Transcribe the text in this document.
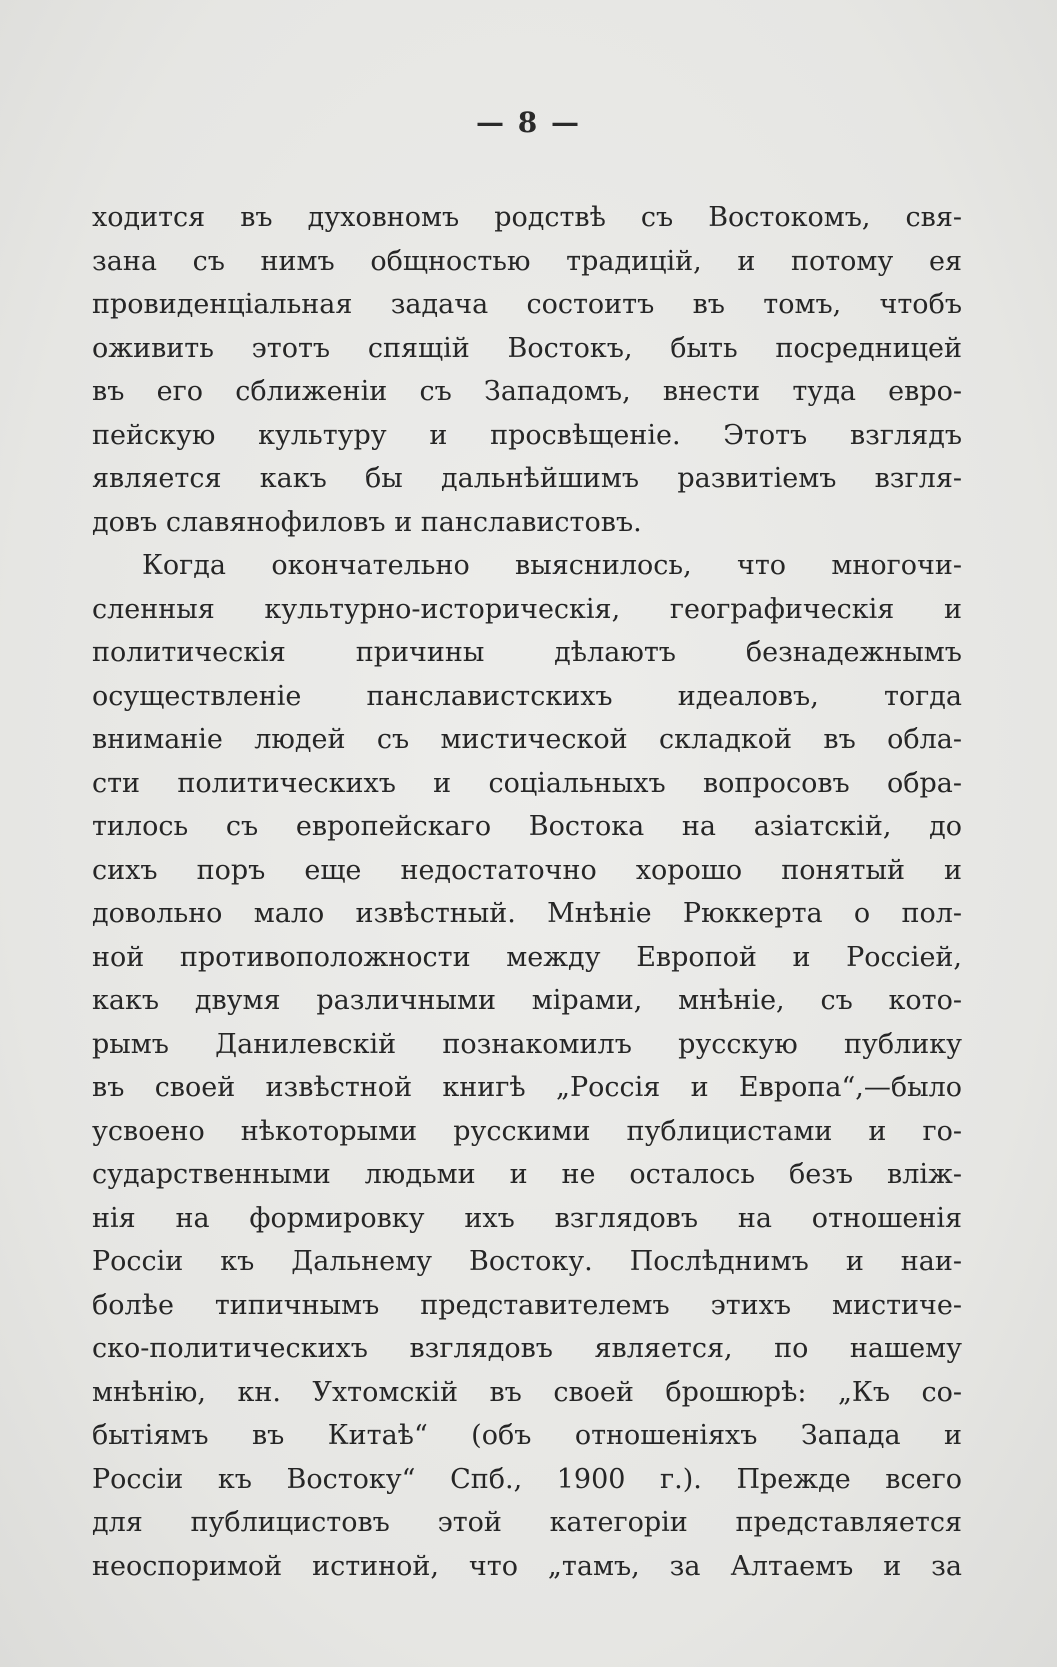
— 8 —
ходится въ духовномъ родствѣ съ Востокомъ, свя-
зана съ нимъ общностью традицій, и потому ея
провиденціальная задача состоитъ въ томъ, чтобъ
оживить этотъ спящій Востокъ, быть посредницей
въ его сближеніи съ Западомъ, внести туда евро-
пейскую культуру и просвѣщеніе. Этотъ взглядъ
является какъ бы дальнѣйшимъ развитіемъ взгля-
довъ славянофиловъ и панславистовъ.
Когда окончательно выяснилось, что многочи-
сленныя культурно-историческія, географическія и
политическія причины дѣлаютъ безнадежнымъ
осуществленіе панславистскихъ идеаловъ, тогда
вниманіе людей съ мистической складкой въ обла-
сти политическихъ и соціальныхъ вопросовъ обра-
тилось съ европейскаго Востока на азіатскій, до
сихъ поръ еще недостаточно хорошо понятый и
довольно мало извѣстный. Мнѣніе Рюккерта о пол-
ной противоположности между Европой и Россіей,
какъ двумя различными мірами, мнѣніе, съ кото-
рымъ Данилевскій познакомилъ русскую публику
въ своей извѣстной книгѣ „Россія и Европа“,—было
усвоено нѣкоторыми русскими публицистами и го-
сударственными людьми и не осталось безъ вліж-
нія на формировку ихъ взглядовъ на отношенія
Россіи къ Дальнему Востоку. Послѣднимъ и наи-
болѣе типичнымъ представителемъ этихъ мистиче-
ско-политическихъ взглядовъ является, по нашему
мнѣнію, кн. Ухтомскій въ своей брошюрѣ: „Къ со-
бытіямъ въ Китаѣ“ (объ отношеніяхъ Запада и
Россіи къ Востоку“ Спб., 1900 г.). Прежде всего
для публицистовъ этой категоріи представляется
неоспоримой истиной, что „тамъ, за Алтаемъ и за
